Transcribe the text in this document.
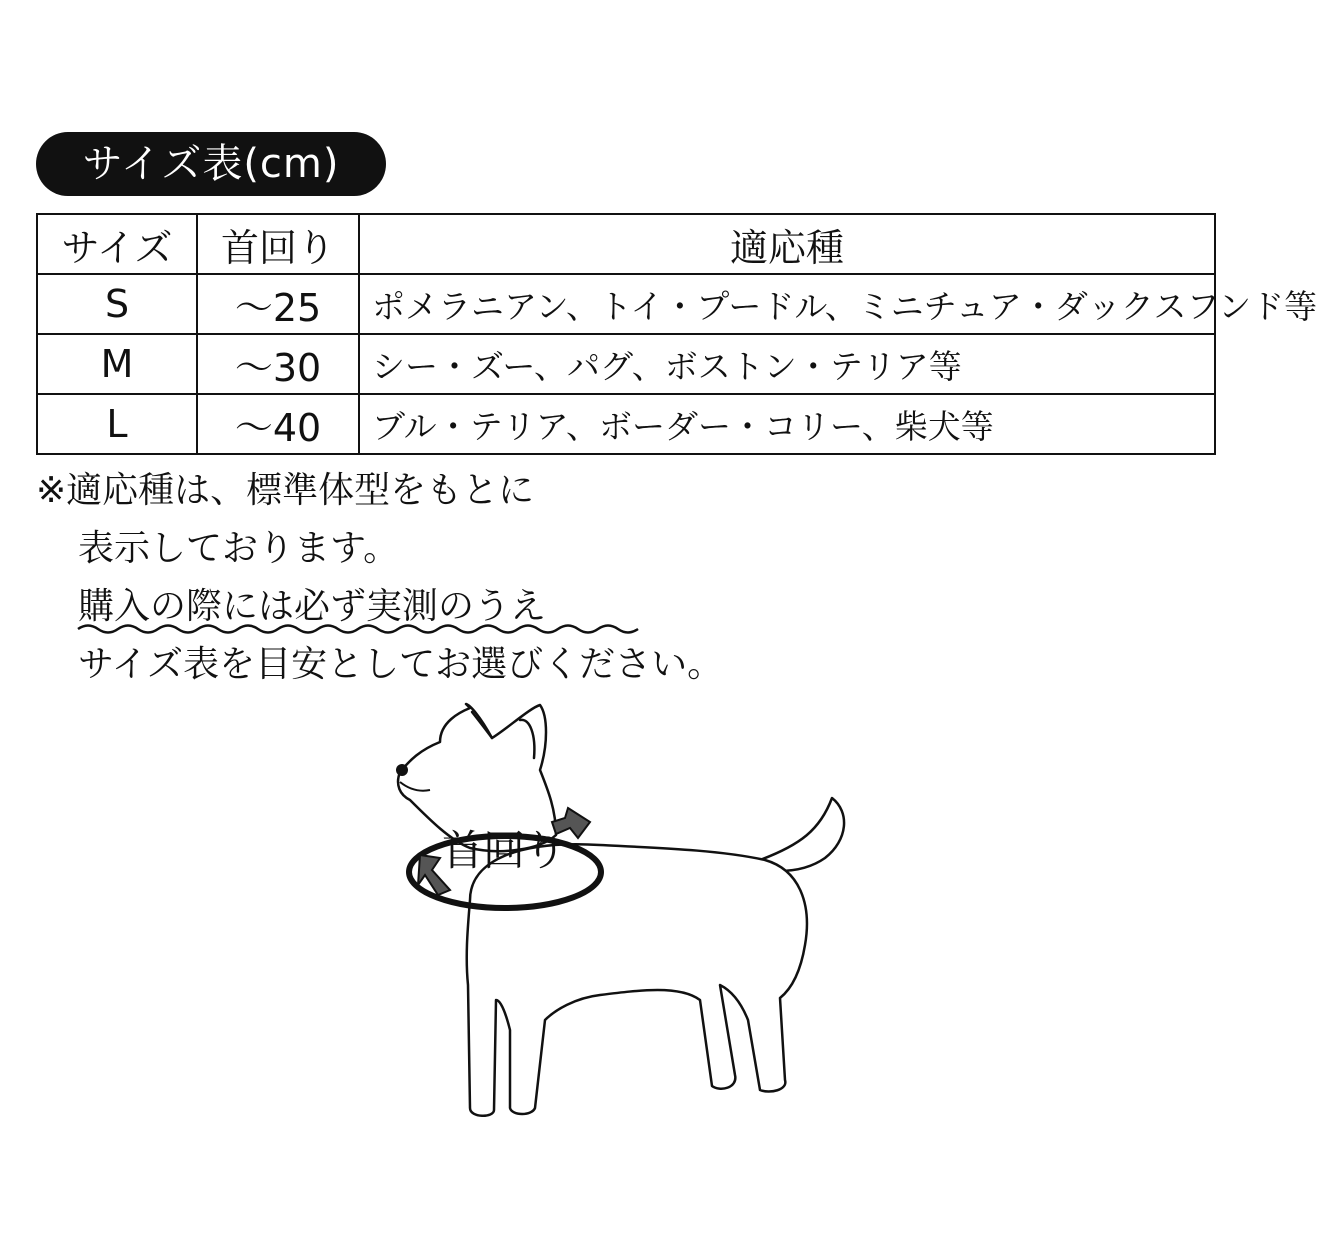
サイズ表(cm)
サイズ	首回り	適応種
S	〜25	ポメラニアン、トイ・プードル、ミニチュア・ダックスフンド等
M	〜30	シー・ズー、パグ、ボストン・テリア等
L	〜40	ブル・テリア、ボーダー・コリー、柴犬等
※適応種は、標準体型をもとに
表示しております。
購入の際には必ず実測のうえ
サイズ表を目安としてお選びください。
首回り
